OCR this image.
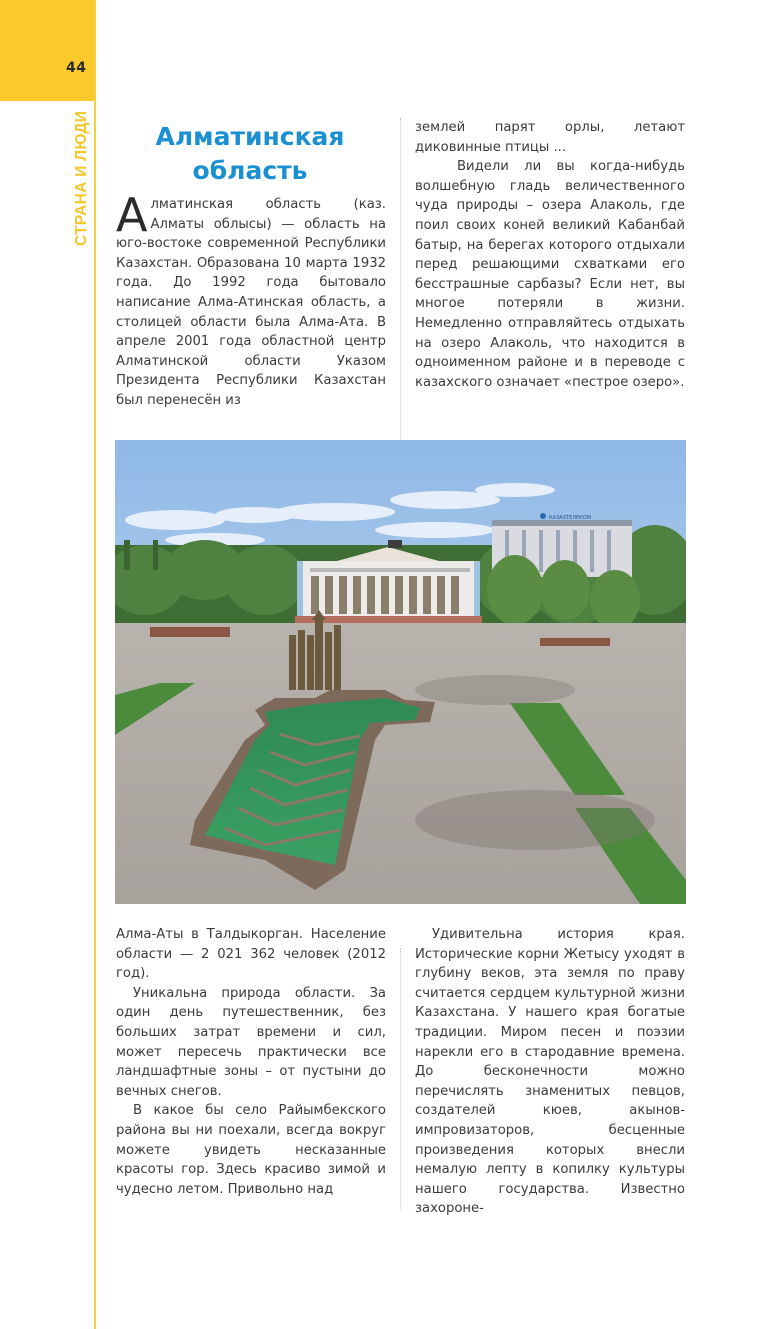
44
СТРАНА И ЛЮДИ	Алматинская
область

Алматинская область (каз. Алматы облысы) — область на юго-востоке современной Республики Казахстан. Образована 10 марта 1932 года. До 1992 года бытовало написание Алма-Атинская область, а столицей области была Алма-Ата. В апреле 2001 года областной центр Алматинской области Указом Президента Республики Казахстан был перенесён из

землей парят орлы, летают диковинные птицы ...

Видели ли вы когда-нибудь волшебную гладь величественного чуда природы – озера Алаколь, где поил своих коней великий Кабанбай батыр, на берегах которого отдыхали перед решающими схватками его бесстрашные сарбазы? Если нет, вы многое потеряли в жизни. Немедленно отправляйтесь отдыхать на озеро Алаколь, что находится в одноименном районе и в переводе с казахского означает «пестрое озеро».

КАЗАХТЕЛЕКОМ

Алма-Аты в Талдыкорган. Население области — 2 021 362 человек (2012 год).

Уникальна природа области. За один день путешественник, без больших затрат времени и сил, может пересечь практически все ландшафтные зоны – от пустыни до вечных снегов.

В какое бы село Райымбекского района вы ни поехали, всегда вокруг можете увидеть несказанные красоты гор. Здесь красиво зимой и чудесно летом. Привольно над

Удивительна история края. Исторические корни Жетысу уходят в глубину веков, эта земля по праву считается сердцем культурной жизни Казахстана. У нашего края богатые традиции. Миром песен и поэзии нарекли его в стародавние времена. До бесконечности можно перечислять знаменитых певцов, создателей кюев, акынов-импровизаторов, бесценные произведения которых внесли немалую лепту в копилку культуры нашего государства. Известно захороне-
